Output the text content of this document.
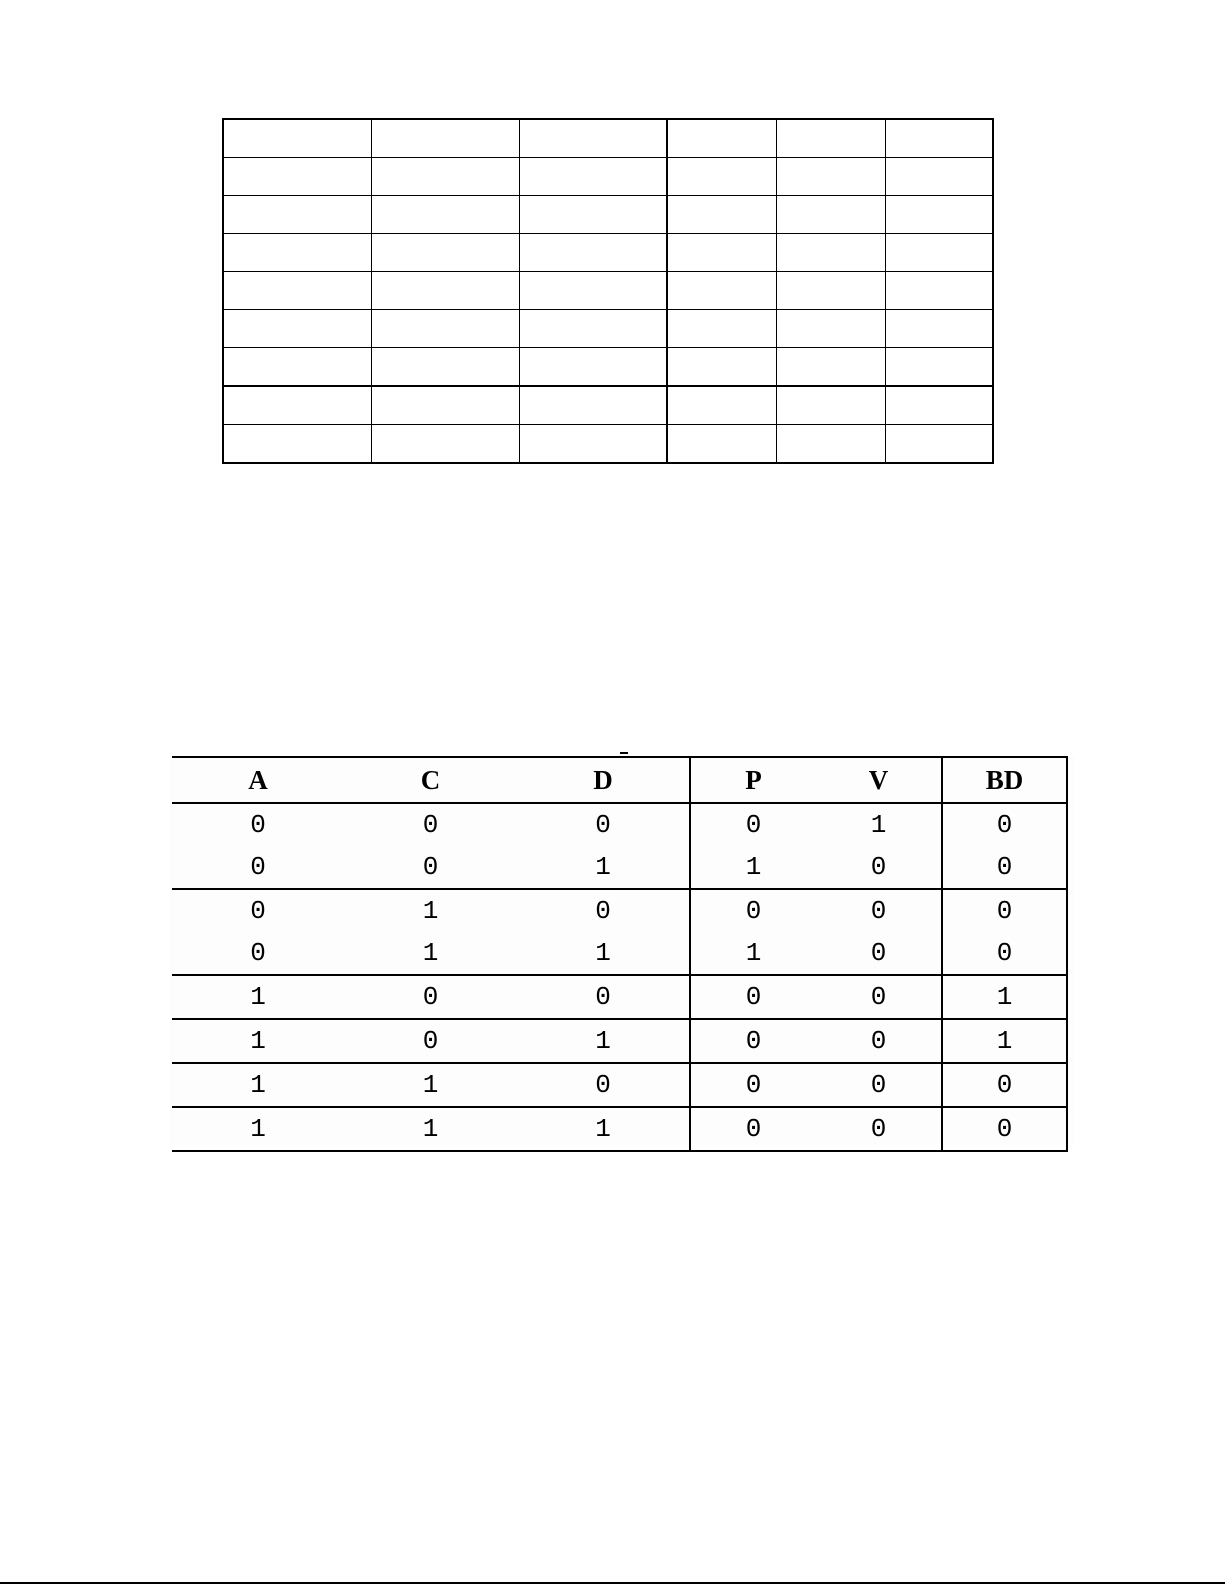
A	C	D	P	V	BD
0	0	0	0	1	0
0	0	1	1	0	0
0	1	0	0	0	0
0	1	1	1	0	0
1	0	0	0	0	1
1	0	1	0	0	1
1	1	0	0	0	0
1	1	1	0	0	0
